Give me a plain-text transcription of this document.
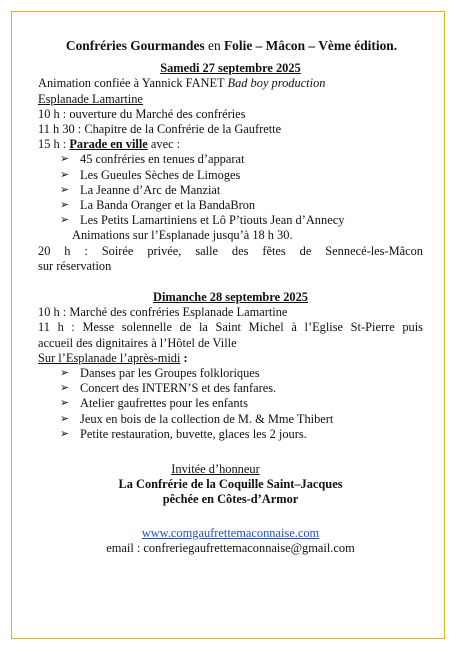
Confréries Gourmandes en Folie – Mâcon – Vème édition.
Samedi 27 septembre 2025
Animation confiée à Yannick FANET Bad boy production
Esplanade Lamartine
10 h : ouverture du Marché des confréries
11 h 30 : Chapitre de la Confrérie de la Gaufrette
15 h : Parade en ville avec :
➢ 45 confréries en tenues d’apparat
➢ Les Gueules Sèches de Limoges
➢ La Jeanne d’Arc de Manziat
➢ La Banda Oranger et la BandaBron
➢ Les Petits Lamartiniens et Lô P’tiouts Jean d’Annecy
Animations sur l’Esplanade jusqu’à 18 h 30.
20 h : Soirée privée, salle des fêtes de Sennecé-les-Mâcon
sur réservation
Dimanche 28 septembre 2025
10 h : Marché des confréries Esplanade Lamartine
11 h : Messe solennelle de la Saint Michel à l’Eglise St-Pierre puis
accueil des dignitaires à l’Hôtel de Ville
Sur l’Esplanade l’après-midi :
➢ Danses par les Groupes folkloriques
➢ Concert des INTERN’S et des fanfares.
➢ Atelier gaufrettes pour les enfants
➢ Jeux en bois de la collection de M. & Mme Thibert
➢ Petite restauration, buvette, glaces les 2 jours.
Invitée d’honneur
La Confrérie de la Coquille Saint–Jacques
pêchée en Côtes-d’Armor
www.comgaufrettemaconnaise.com
email : confreriegaufrettemaconnaise@gmail.com
